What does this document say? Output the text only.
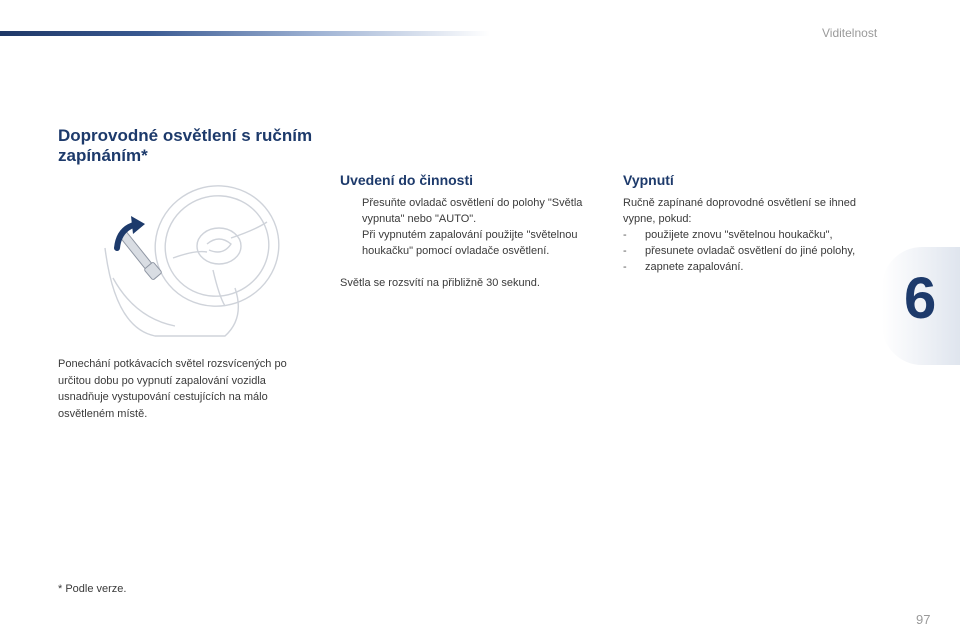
Viditelnost
6
Doprovodné osvětlení s ručním zapínáním*

Ponechání potkávacích světel rozsvícených po určitou dobu po vypnutí zapalování vozidla usnadňuje vystupování cestujících na málo osvětleném místě.

* Podle verze.
Uvedení do činnosti
Přesuňte ovladač osvětlení do polohy "Světla vypnuta" nebo "AUTO".
Při vypnutém zapalování použijte "světelnou houkačku" pomocí ovladače osvětlení.

Světla se rozsvítí na přibližně 30 sekund.

Vypnutí

Ručně zapínané doprovodné osvětlení se ihned vypne, pokud:

- použijete znovu "světelnou houkačku",
- přesunete ovladač osvětlení do jiné polohy,
- zapnete zapalování.
97
